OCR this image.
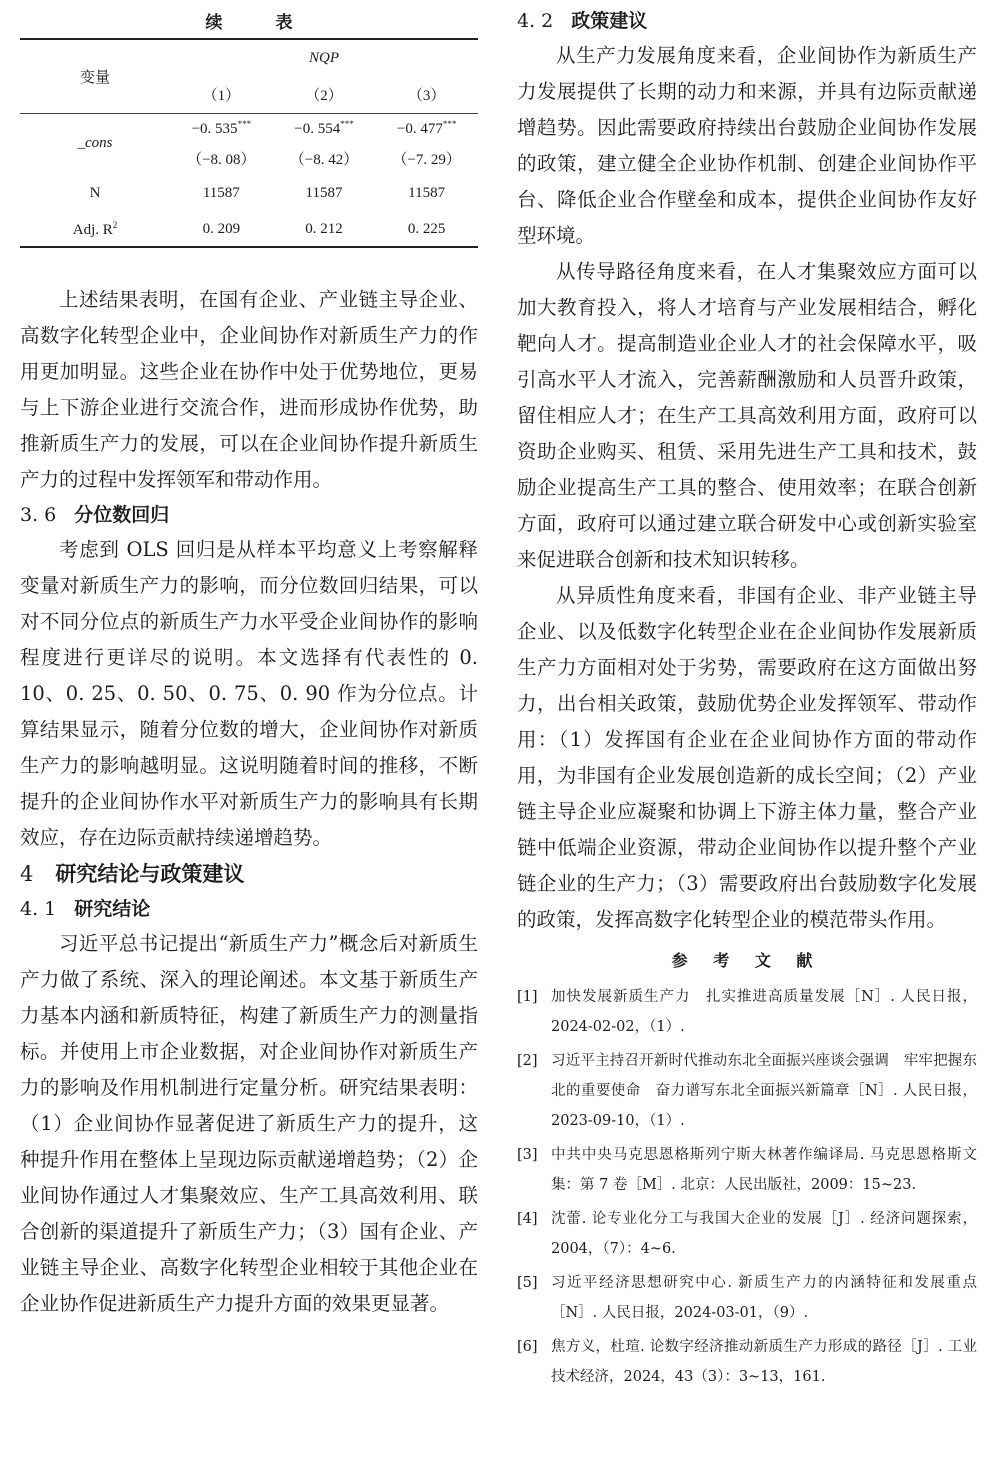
续　表
变量	NQP		
	（1）	（2）	（3）
_cons	−0. 535***	−0. 554***	−0. 477***
	（−8. 08）	（−8. 42）	（−7. 29）
N	11587	11587	11587
Adj. $R^2$	0. 209	0. 212	0. 225

上述结果表明，在国有企业、产业链主导企业、高数字化转型企业中，企业间协作对新质生产力的作用更加明显。这些企业在协作中处于优势地位，更易与上下游企业进行交流合作，进而形成协作优势，助推新质生产力的发展，可以在企业间协作提升新质生产力的过程中发挥领军和带动作用。

3. 6 分位数回归

考虑到 OLS 回归是从样本平均意义上考察解释变量对新质生产力的影响，而分位数回归结果，可以对不同分位点的新质生产力水平受企业间协作的影响程度进行更详尽的说明。本文选择有代表性的 0. 10、0. 25、0. 50、0. 75、0. 90 作为分位点。计算结果显示，随着分位数的增大，企业间协作对新质生产力的影响越明显。这说明随着时间的推移，不断提升的企业间协作水平对新质生产力的影响具有长期效应，存在边际贡献持续递增趋势。

4 研究结论与政策建议
4. 1 研究结论

习近平总书记提出“新质生产力”概念后对新质生产力做了系统、深入的理论阐述。本文基于新质生产力基本内涵和新质特征，构建了新质生产力的测量指标。并使用上市企业数据，对企业间协作对新质生产力的影响及作用机制进行定量分析。研究结果表明：（1）企业间协作显著促进了新质生产力的提升，这种提升作用在整体上呈现边际贡献递增趋势；（2）企业间协作通过人才集聚效应、生产工具高效利用、联合创新的渠道提升了新质生产力；（3）国有企业、产业链主导企业、高数字化转型企业相较于其他企业在企业协作促进新质生产力提升方面的效果更显著。

4. 2 政策建议

从生产力发展角度来看，企业间协作为新质生产力发展提供了长期的动力和来源，并具有边际贡献递增趋势。因此需要政府持续出台鼓励企业间协作发展的政策，建立健全企业协作机制、创建企业间协作平台、降低企业合作壁垒和成本，提供企业间协作友好型环境。

从传导路径角度来看，在人才集聚效应方面可以加大教育投入，将人才培育与产业发展相结合，孵化靶向人才。提高制造业企业人才的社会保障水平，吸引高水平人才流入，完善薪酬激励和人员晋升政策，留住相应人才；在生产工具高效利用方面，政府可以资助企业购买、租赁、采用先进生产工具和技术，鼓励企业提高生产工具的整合、使用效率；在联合创新方面，政府可以通过建立联合研发中心或创新实验室来促进联合创新和技术知识转移。

从异质性角度来看，非国有企业、非产业链主导企业、以及低数字化转型企业在企业间协作发展新质生产力方面相对处于劣势，需要政府在这方面做出努力，出台相关政策，鼓励优势企业发挥领军、带动作用：（1）发挥国有企业在企业间协作方面的带动作用，为非国有企业发展创造新的成长空间；（2）产业链主导企业应凝聚和协调上下游主体力量，整合产业链中低端企业资源，带动企业间协作以提升整个产业链企业的生产力；（3）需要政府出台鼓励数字化发展的政策，发挥高数字化转型企业的模范带头作用。

参 考 文 献
[1] 加快发展新质生产力　扎实推进高质量发展［N］. 人民日报，2024-02-02，（1）.
[2] 习近平主持召开新时代推动东北全面振兴座谈会强调　牢牢把握东北的重要使命　奋力谱写东北全面振兴新篇章［N］. 人民日报，2023-09-10，（1）.
[3] 中共中央马克思恩格斯列宁斯大林著作编译局. 马克思恩格斯文集：第 7 卷［M］. 北京：人民出版社，2009：15~23.
[4] 沈蕾. 论专业化分工与我国大企业的发展［J］. 经济问题探索，2004，（7）：4~6.
[5] 习近平经济思想研究中心. 新质生产力的内涵特征和发展重点［N］. 人民日报，2024-03-01，（9）.
[6] 焦方义，杜瑄. 论数字经济推动新质生产力形成的路径［J］. 工业技术经济，2024，43（3）：3~13，161.
